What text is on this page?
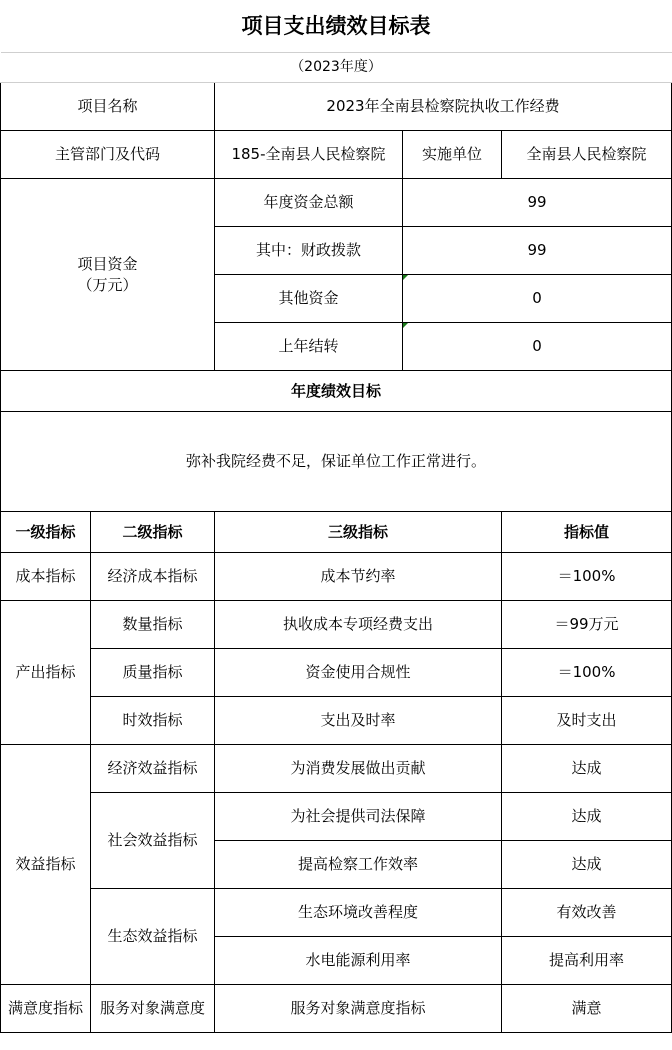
项目支出绩效目标表				
（2023年度）				
项目名称		2023年全南县检察院执收工作经费		
主管部门及代码		185-全南县人民检察院	实施单位	全南县人民检察院
项目资金
（万元）		年度资金总额	99	
		其中：财政拨款	99	
		其他资金	0	
		上年结转	0	
年度绩效目标				
弥补我院经费不足，保证单位工作正常进行。				
一级指标	二级指标	三级指标		指标值
成本指标	经济成本指标	成本节约率		＝100%
产出指标	数量指标	执收成本专项经费支出		＝99万元
	质量指标	资金使用合规性		＝100%
	时效指标	支出及时率		及时支出
效益指标	经济效益指标	为消费发展做出贡献		达成
	社会效益指标	为社会提供司法保障		达成
		提高检察工作效率		达成
	生态效益指标	生态环境改善程度		有效改善
		水电能源利用率		提高利用率
满意度指标	服务对象满意度	服务对象满意度指标		满意
